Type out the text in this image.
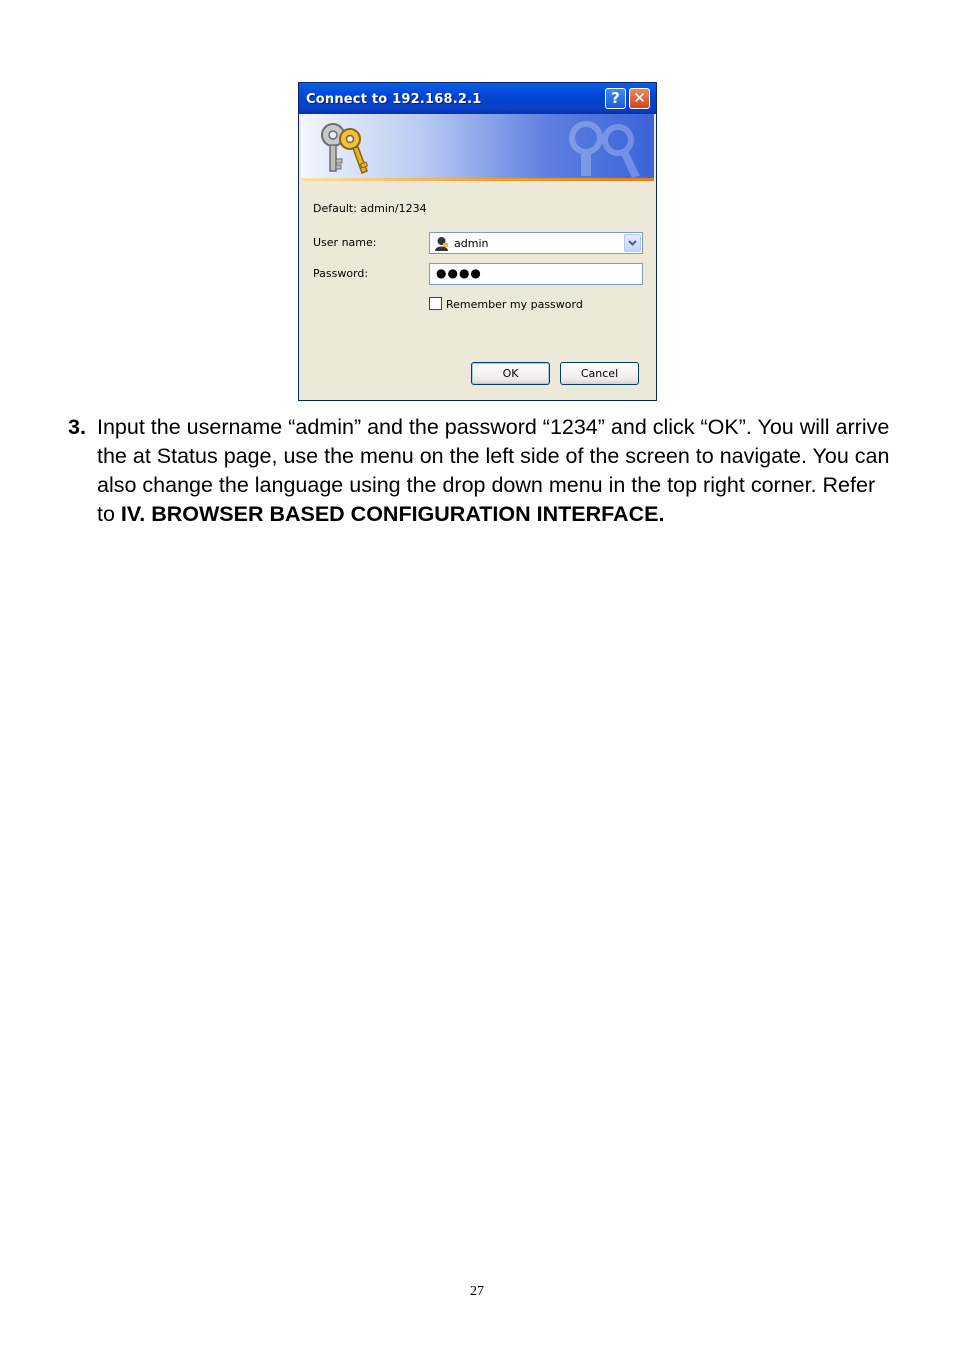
Connect to 192.168.2.1	? ✕
Default: admin/1234
User name:	admin
Password:	●●●●
Remember my password
OK	Cancel
3. Input the username “admin” and the password “1234” and click “OK”. You will arrive the at Status page, use the menu on the left side of the screen to navigate. You can also change the language using the drop down menu in the top right corner. Refer to IV. BROWSER BASED CONFIGURATION INTERFACE.
27
